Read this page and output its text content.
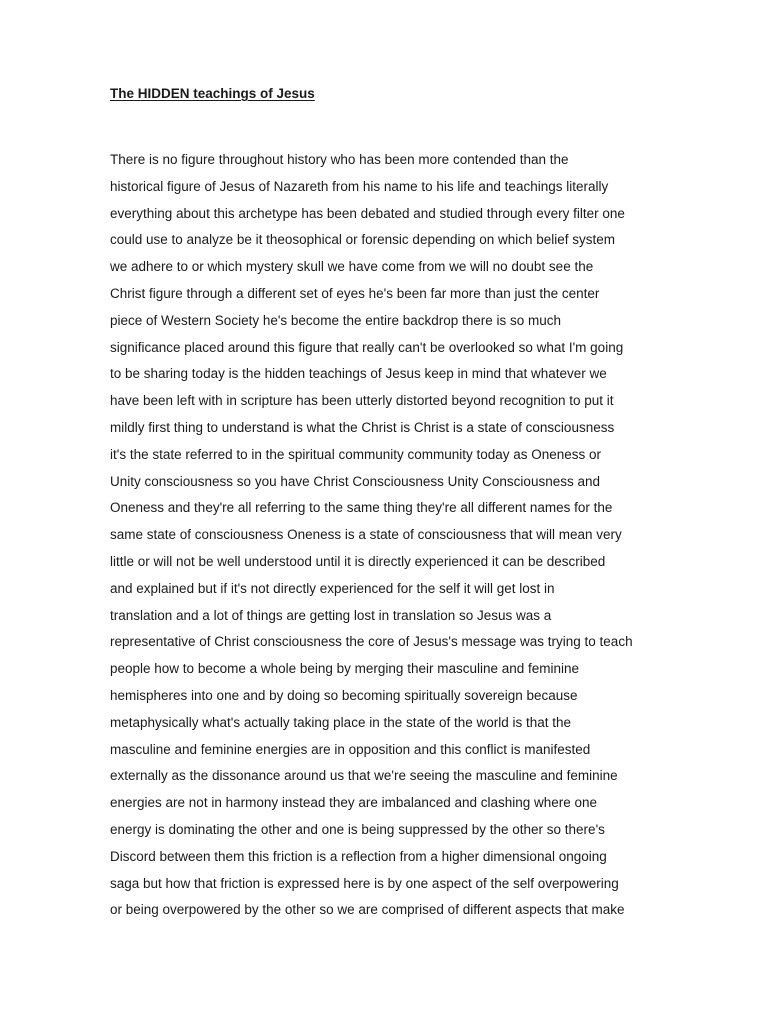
The HIDDEN teachings of Jesus
There is no figure throughout history who has been more contended than the
historical figure of Jesus of Nazareth from his name to his life and teachings literally
everything about this archetype has been debated and studied through every filter one
could use to analyze be it theosophical or forensic depending on which belief system
we adhere to or which mystery skull we have come from we will no doubt see the
Christ figure through a different set of eyes he's been far more than just the center
piece of Western Society he's become the entire backdrop there is so much
significance placed around this figure that really can't be overlooked so what I'm going
to be sharing today is the hidden teachings of Jesus keep in mind that whatever we
have been left with in scripture has been utterly distorted beyond recognition to put it
mildly first thing to understand is what the Christ is Christ is a state of consciousness
it's the state referred to in the spiritual community community today as Oneness or
Unity consciousness so you have Christ Consciousness Unity Consciousness and
Oneness and they're all referring to the same thing they're all different names for the
same state of consciousness Oneness is a state of consciousness that will mean very
little or will not be well understood until it is directly experienced it can be described
and explained but if it's not directly experienced for the self it will get lost in
translation and a lot of things are getting lost in translation so Jesus was a
representative of Christ consciousness the core of Jesus's message was trying to teach
people how to become a whole being by merging their masculine and feminine
hemispheres into one and by doing so becoming spiritually sovereign because
metaphysically what's actually taking place in the state of the world is that the
masculine and feminine energies are in opposition and this conflict is manifested
externally as the dissonance around us that we're seeing the masculine and feminine
energies are not in harmony instead they are imbalanced and clashing where one
energy is dominating the other and one is being suppressed by the other so there's
Discord between them this friction is a reflection from a higher dimensional ongoing
saga but how that friction is expressed here is by one aspect of the self overpowering
or being overpowered by the other so we are comprised of different aspects that make
